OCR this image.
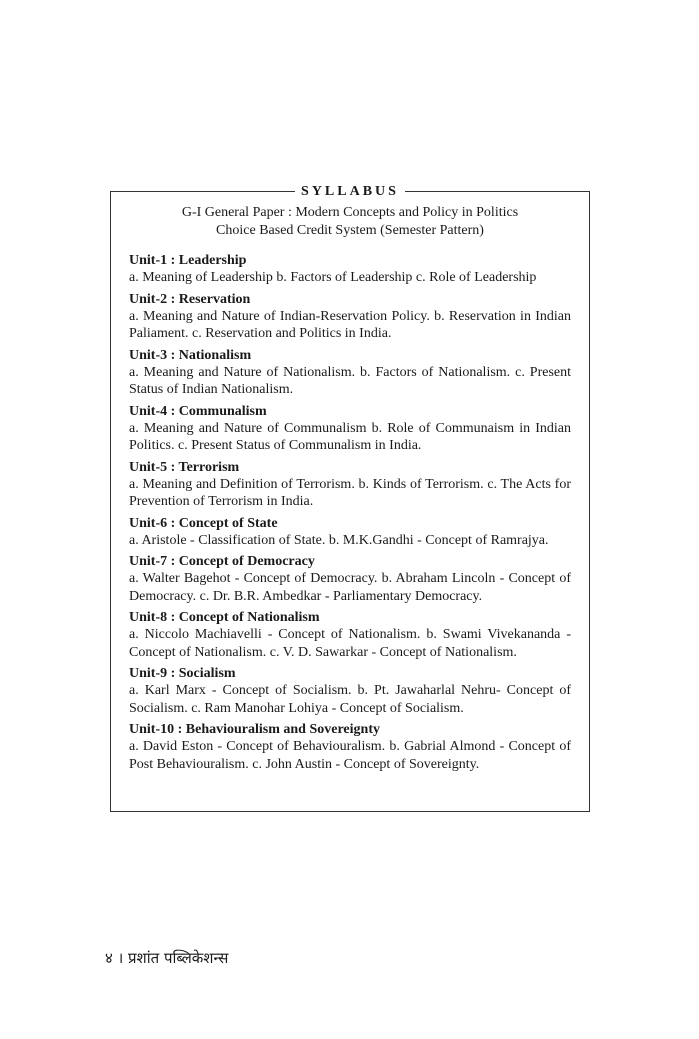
SYLLABUS

G-I General Paper : Modern Concepts and Policy in Politics

Choice Based Credit System (Semester Pattern)

Unit-1 : Leadership
a. Meaning of Leadership b. Factors of Leadership c. Role of Leadership
Unit-2 : Reservation
a. Meaning and Nature of Indian-Reservation Policy. b. Reservation in Indian Paliament. c. Reservation and Politics in India.
Unit-3 : Nationalism
a. Meaning and Nature of Nationalism. b. Factors of Nationalism. c. Present Status of Indian Nationalism.
Unit-4 : Communalism
a. Meaning and Nature of Communalism b. Role of Communaism in Indian Politics. c. Present Status of Communalism in India.
Unit-5 : Terrorism
a. Meaning and Definition of Terrorism. b. Kinds of Terrorism. c. The Acts for Prevention of Terrorism in India.
Unit-6 : Concept of State
a. Aristole - Classification of State. b. M.K.Gandhi - Concept of Ramrajya.
Unit-7 : Concept of Democracy
a. Walter Bagehot - Concept of Democracy. b. Abraham Lincoln - Concept of Democracy. c. Dr. B.R. Ambedkar - Parliamentary Democracy.
Unit-8 : Concept of Nationalism
a. Niccolo Machiavelli - Concept of Nationalism. b. Swami Vivekananda - Concept of Nationalism. c. V. D. Sawarkar - Concept of Nationalism.
Unit-9 : Socialism
a. Karl Marx - Concept of Socialism. b. Pt. Jawaharlal Nehru- Concept of Socialism. c. Ram Manohar Lohiya - Concept of Socialism.
Unit-10 : Behaviouralism and Sovereignty
a. David Eston - Concept of Behaviouralism. b. Gabrial Almond - Concept of Post Behaviouralism. c. John Austin - Concept of Sovereignty.
४ । प्रशांत पब्लिकेशन्स
